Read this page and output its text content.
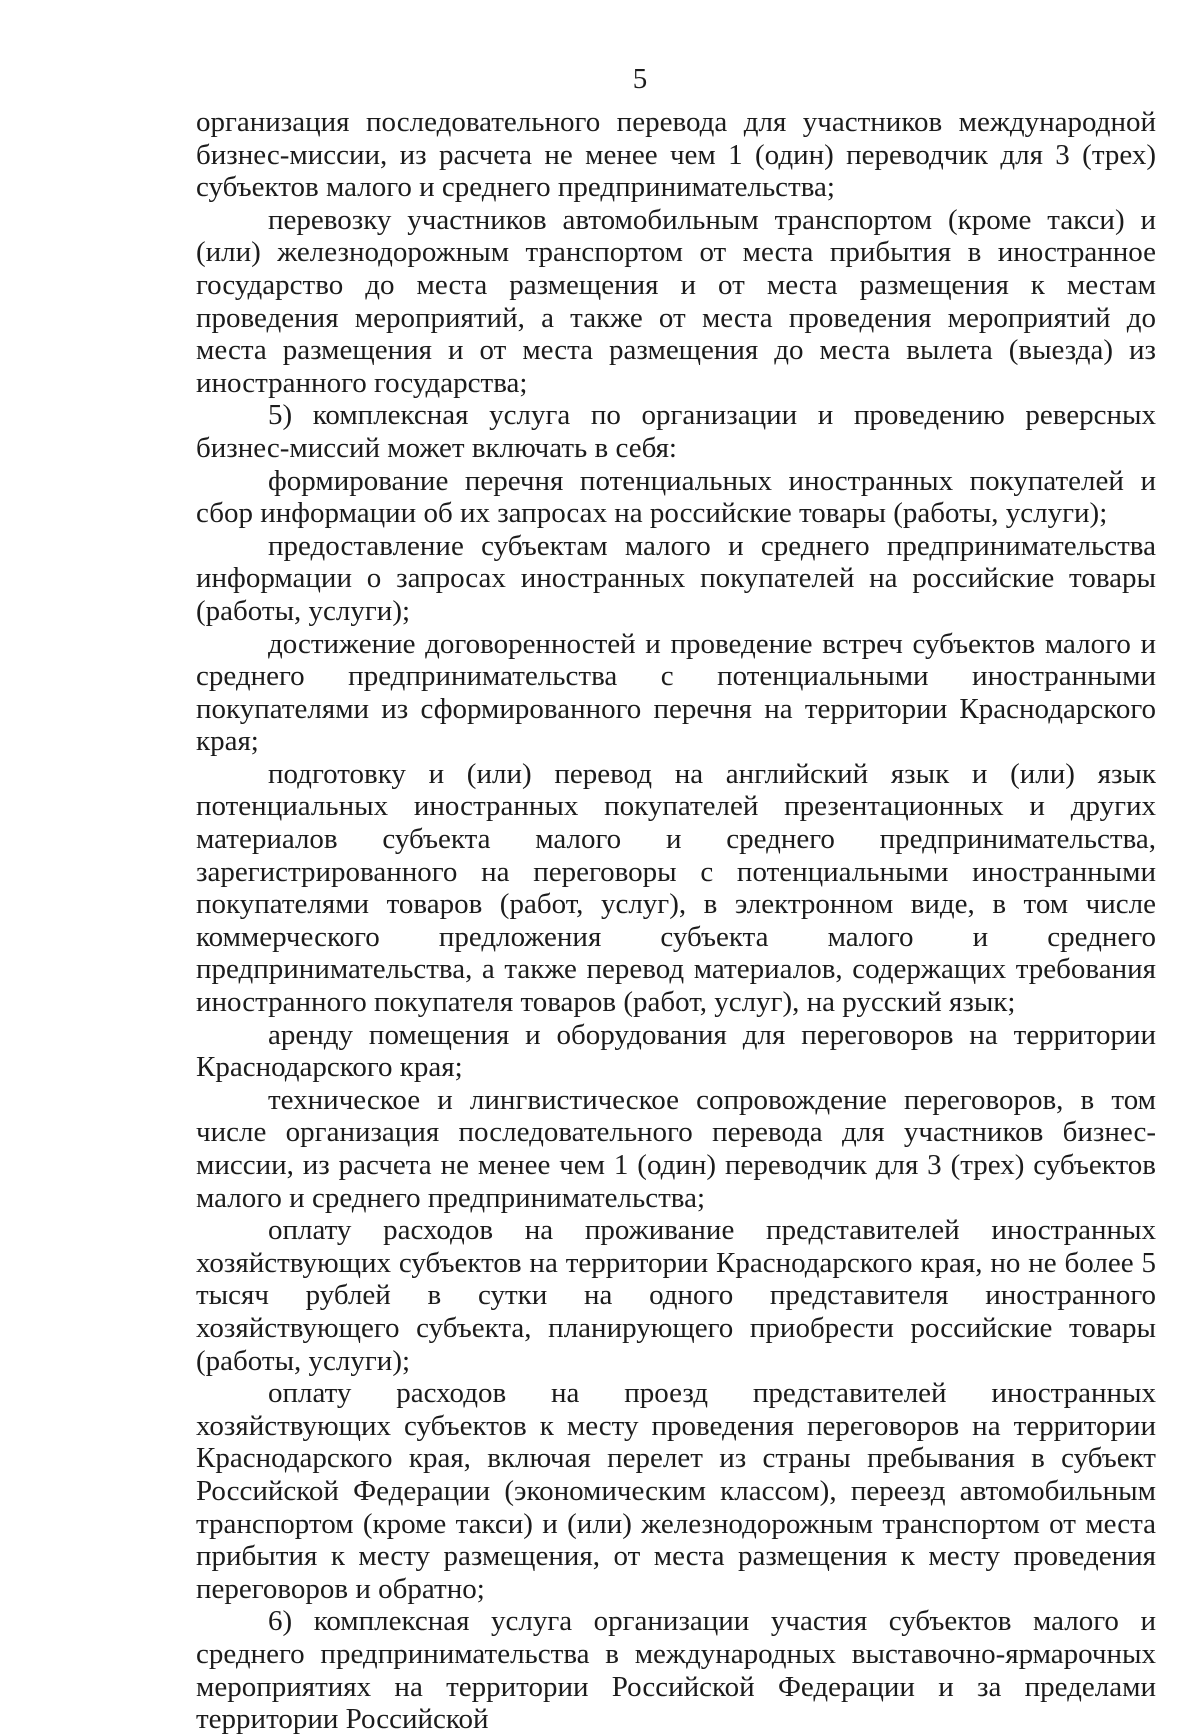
5

организация последовательного перевода для участников международной бизнес-миссии, из расчета не менее чем 1 (один) переводчик для 3 (трех) субъектов малого и среднего предпринимательства;

перевозку участников автомобильным транспортом (кроме такси) и (или) железнодорожным транспортом от места прибытия в иностранное государство до места размещения и от места размещения к местам проведения мероприятий, а также от места проведения мероприятий до места размещения и от места размещения до места вылета (выезда) из иностранного государства;

5) комплексная услуга по организации и проведению реверсных бизнес-миссий может включать в себя:

формирование перечня потенциальных иностранных покупателей и сбор информации об их запросах на российские товары (работы, услуги);

предоставление субъектам малого и среднего предпринимательства информации о запросах иностранных покупателей на российские товары (работы, услуги);

достижение договоренностей и проведение встреч субъектов малого и среднего предпринимательства с потенциальными иностранными покупателями из сформированного перечня на территории Краснодарского края;

подготовку и (или) перевод на английский язык и (или) язык потенциальных иностранных покупателей презентационных и других материалов субъекта малого и среднего предпринимательства, зарегистрированного на переговоры с потенциальными иностранными покупателями товаров (работ, услуг), в электронном виде, в том числе коммерческого предложения субъекта малого и среднего предпринимательства, а также перевод материалов, содержащих требования иностранного покупателя товаров (работ, услуг), на русский язык;

аренду помещения и оборудования для переговоров на территории Краснодарского края;

техническое и лингвистическое сопровождение переговоров, в том числе организация последовательного перевода для участников бизнес-миссии, из расчета не менее чем 1 (один) переводчик для 3 (трех) субъектов малого и среднего предпринимательства;

оплату расходов на проживание представителей иностранных хозяйствующих субъектов на территории Краснодарского края, но не более 5 тысяч рублей в сутки на одного представителя иностранного хозяйствующего субъекта, планирующего приобрести российские товары (работы, услуги);

оплату расходов на проезд представителей иностранных хозяйствующих субъектов к месту проведения переговоров на территории Краснодарского края, включая перелет из страны пребывания в субъект Российской Федерации (экономическим классом), переезд автомобильным транспортом (кроме такси) и (или) железнодорожным транспортом от места прибытия к месту размещения, от места размещения к месту проведения переговоров и обратно;

6) комплексная услуга организации участия субъектов малого и среднего предпринимательства в международных выставочно-ярмарочных мероприятиях на территории Российской Федерации и за пределами территории Российской
